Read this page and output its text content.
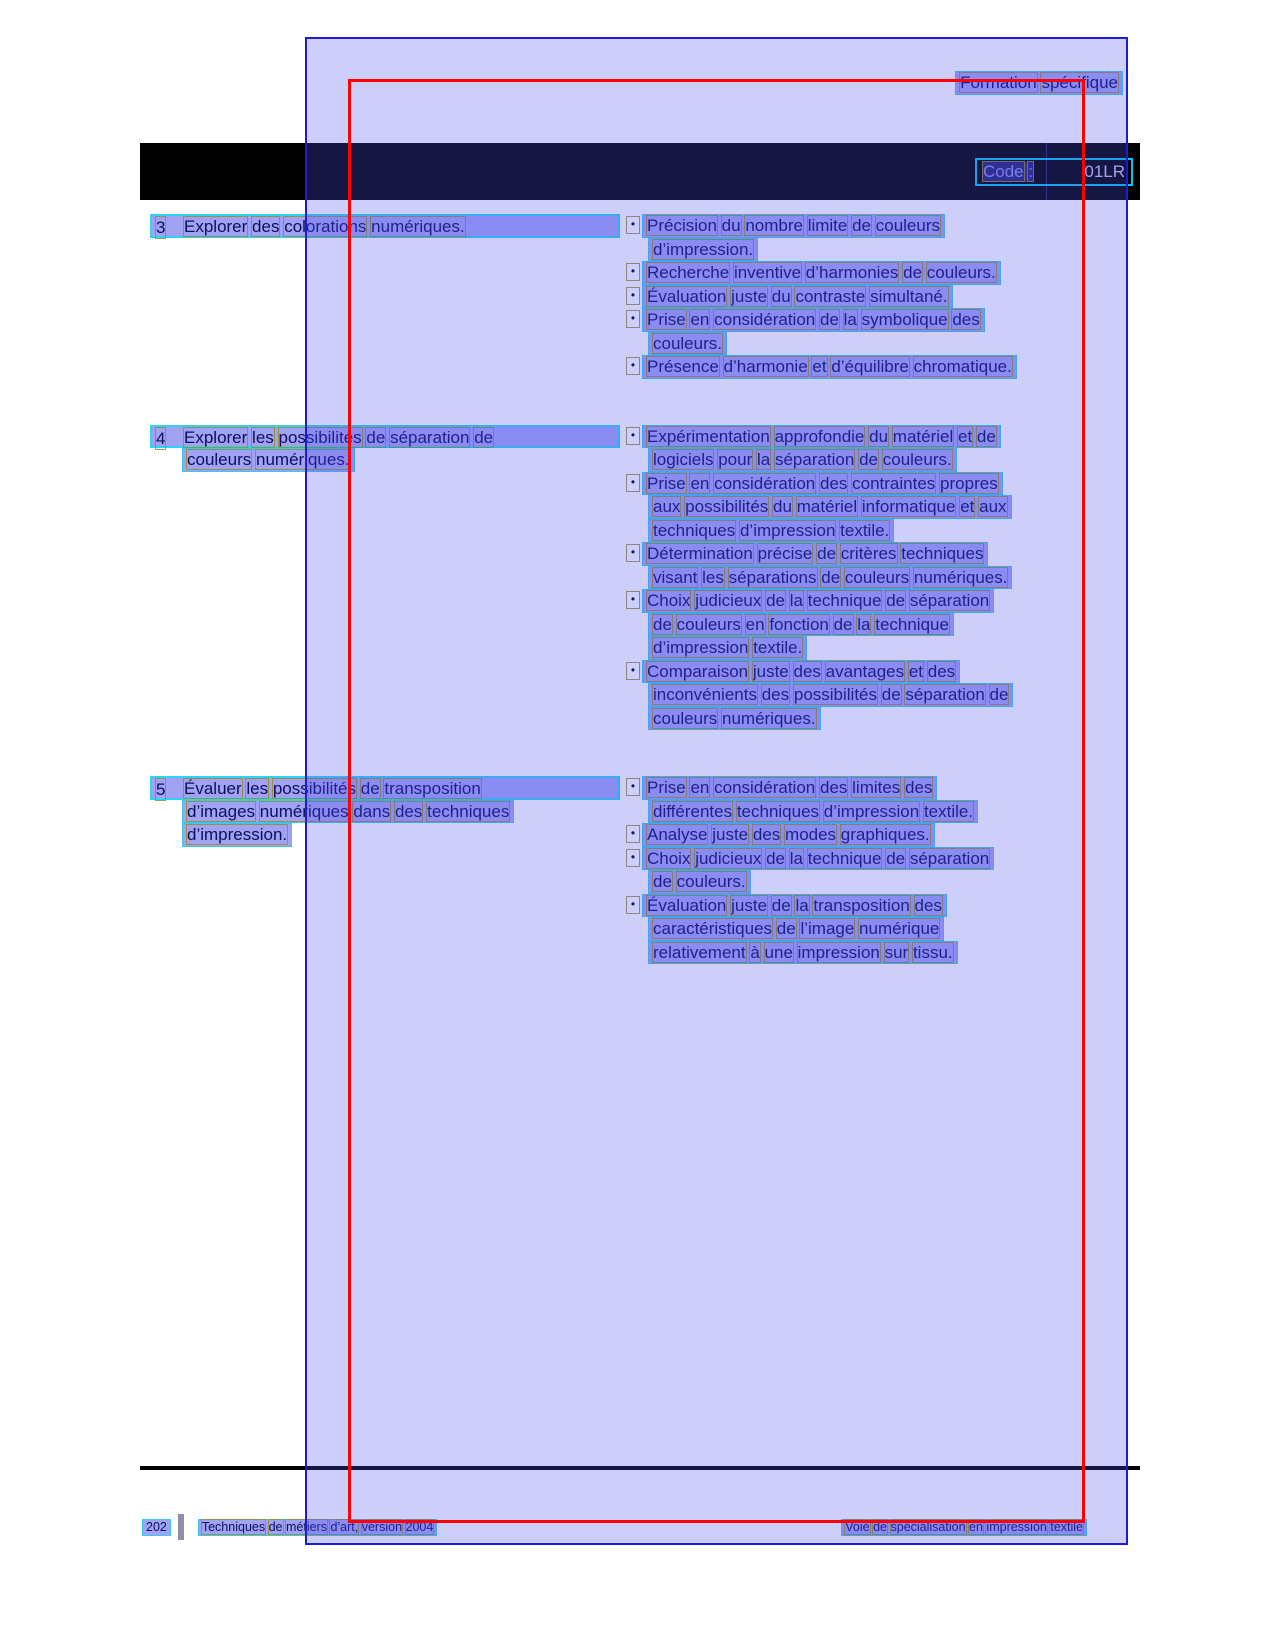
Formation spécifique
Code :	01LR
3 Explorer des colorations numériques.	• Précision du nombre limite de couleurs
d’impression.
• Recherche inventive d’harmonies de couleurs.
• Évaluation juste du contraste simultané.
• Prise en considération de la symbolique des
couleurs.
• Présence d’harmonie et d’équilibre chromatique.
4 Explorer les possibilités de séparation de
couleurs numériques.
• Expérimentation approfondie du matériel et de
logiciels pour la séparation de couleurs.
• Prise en considération des contraintes propres
aux possibilités du matériel informatique et aux
techniques d’impression textile.
• Détermination précise de critères techniques
visant les séparations de couleurs numériques.
• Choix judicieux de la technique de séparation
de couleurs en fonction de la technique
d’impression textile.
• Comparaison juste des avantages et des
inconvénients des possibilités de séparation de
couleurs numériques.
5 Évaluer les possibilités de transposition
d’images numériques dans des techniques
d’impression.
• Prise en considération des limites des
différentes techniques d’impression textile.
• Analyse juste des modes graphiques.
• Choix judicieux de la technique de séparation
de couleurs.
• Évaluation juste de la transposition des
caractéristiques de l’image numérique
relativement à une impression sur tissu.
202	Techniques de métiers d’art, version 2004	Voie de spécialisation en impression textile
